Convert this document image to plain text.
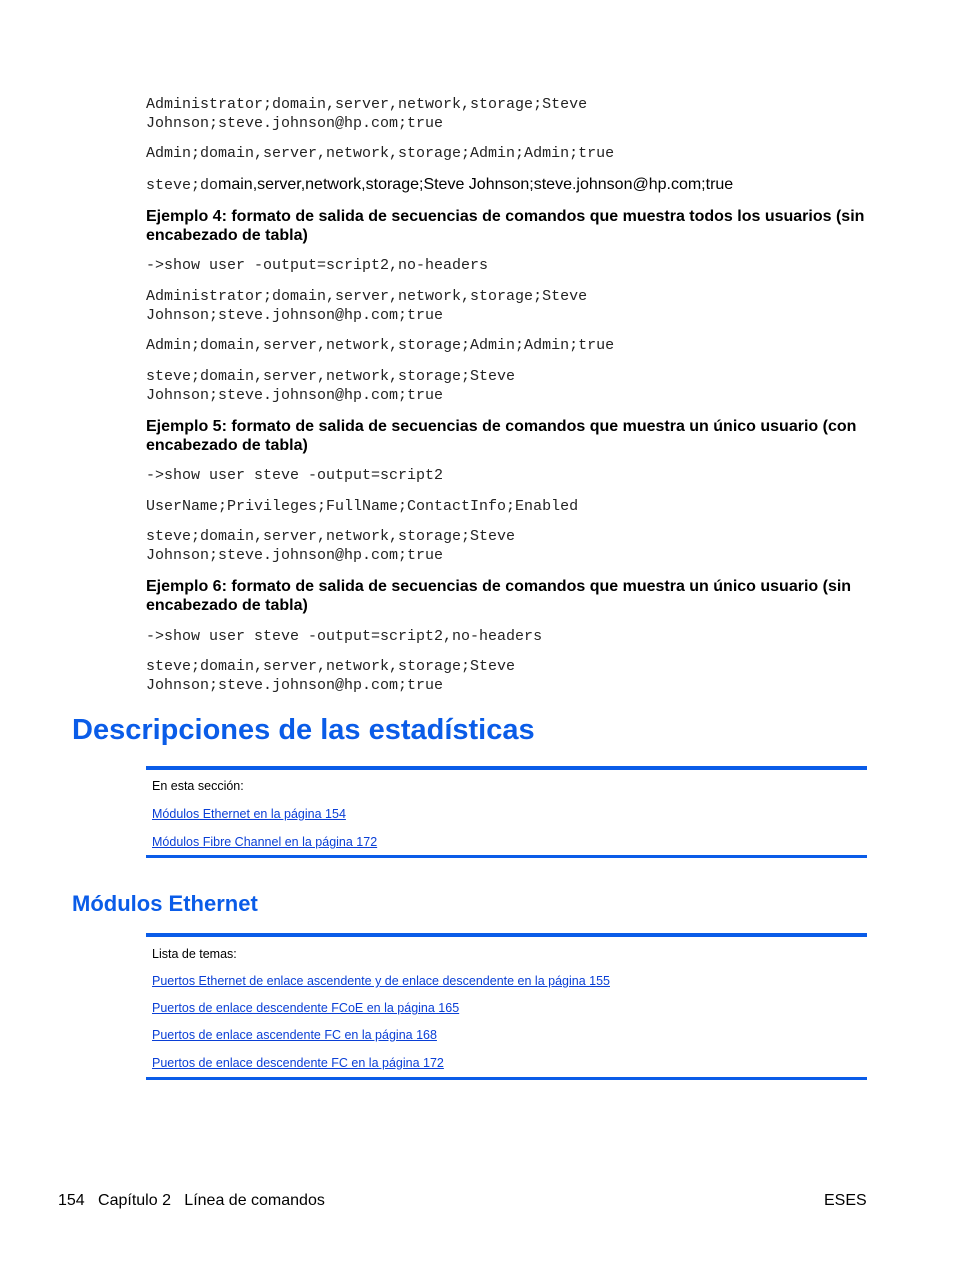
Administrator;domain,server,network,storage;Steve
Johnson;steve.johnson@hp.com;true
Admin;domain,server,network,storage;Admin;Admin;true
steve;domain,server,network,storage;Steve Johnson;steve.johnson@hp.com;true
Ejemplo 4: formato de salida de secuencias de comandos que muestra todos los usuarios (sin encabezado de tabla)
->show user -output=script2,no-headers
Administrator;domain,server,network,storage;Steve
Johnson;steve.johnson@hp.com;true
Admin;domain,server,network,storage;Admin;Admin;true
steve;domain,server,network,storage;Steve
Johnson;steve.johnson@hp.com;true
Ejemplo 5: formato de salida de secuencias de comandos que muestra un único usuario (con encabezado de tabla)
->show user steve -output=script2
UserName;Privileges;FullName;ContactInfo;Enabled
steve;domain,server,network,storage;Steve
Johnson;steve.johnson@hp.com;true
Ejemplo 6: formato de salida de secuencias de comandos que muestra un único usuario (sin encabezado de tabla)
->show user steve -output=script2,no-headers
steve;domain,server,network,storage;Steve
Johnson;steve.johnson@hp.com;true
Descripciones de las estadísticas
En esta sección:
Módulos Ethernet en la página 154
Módulos Fibre Channel en la página 172
Módulos Ethernet
Lista de temas:
Puertos Ethernet de enlace ascendente y de enlace descendente en la página 155
Puertos de enlace descendente FCoE en la página 165
Puertos de enlace ascendente FC en la página 168
Puertos de enlace descendente FC en la página 172
154   Capítulo 2   Línea de comandos	ESES
